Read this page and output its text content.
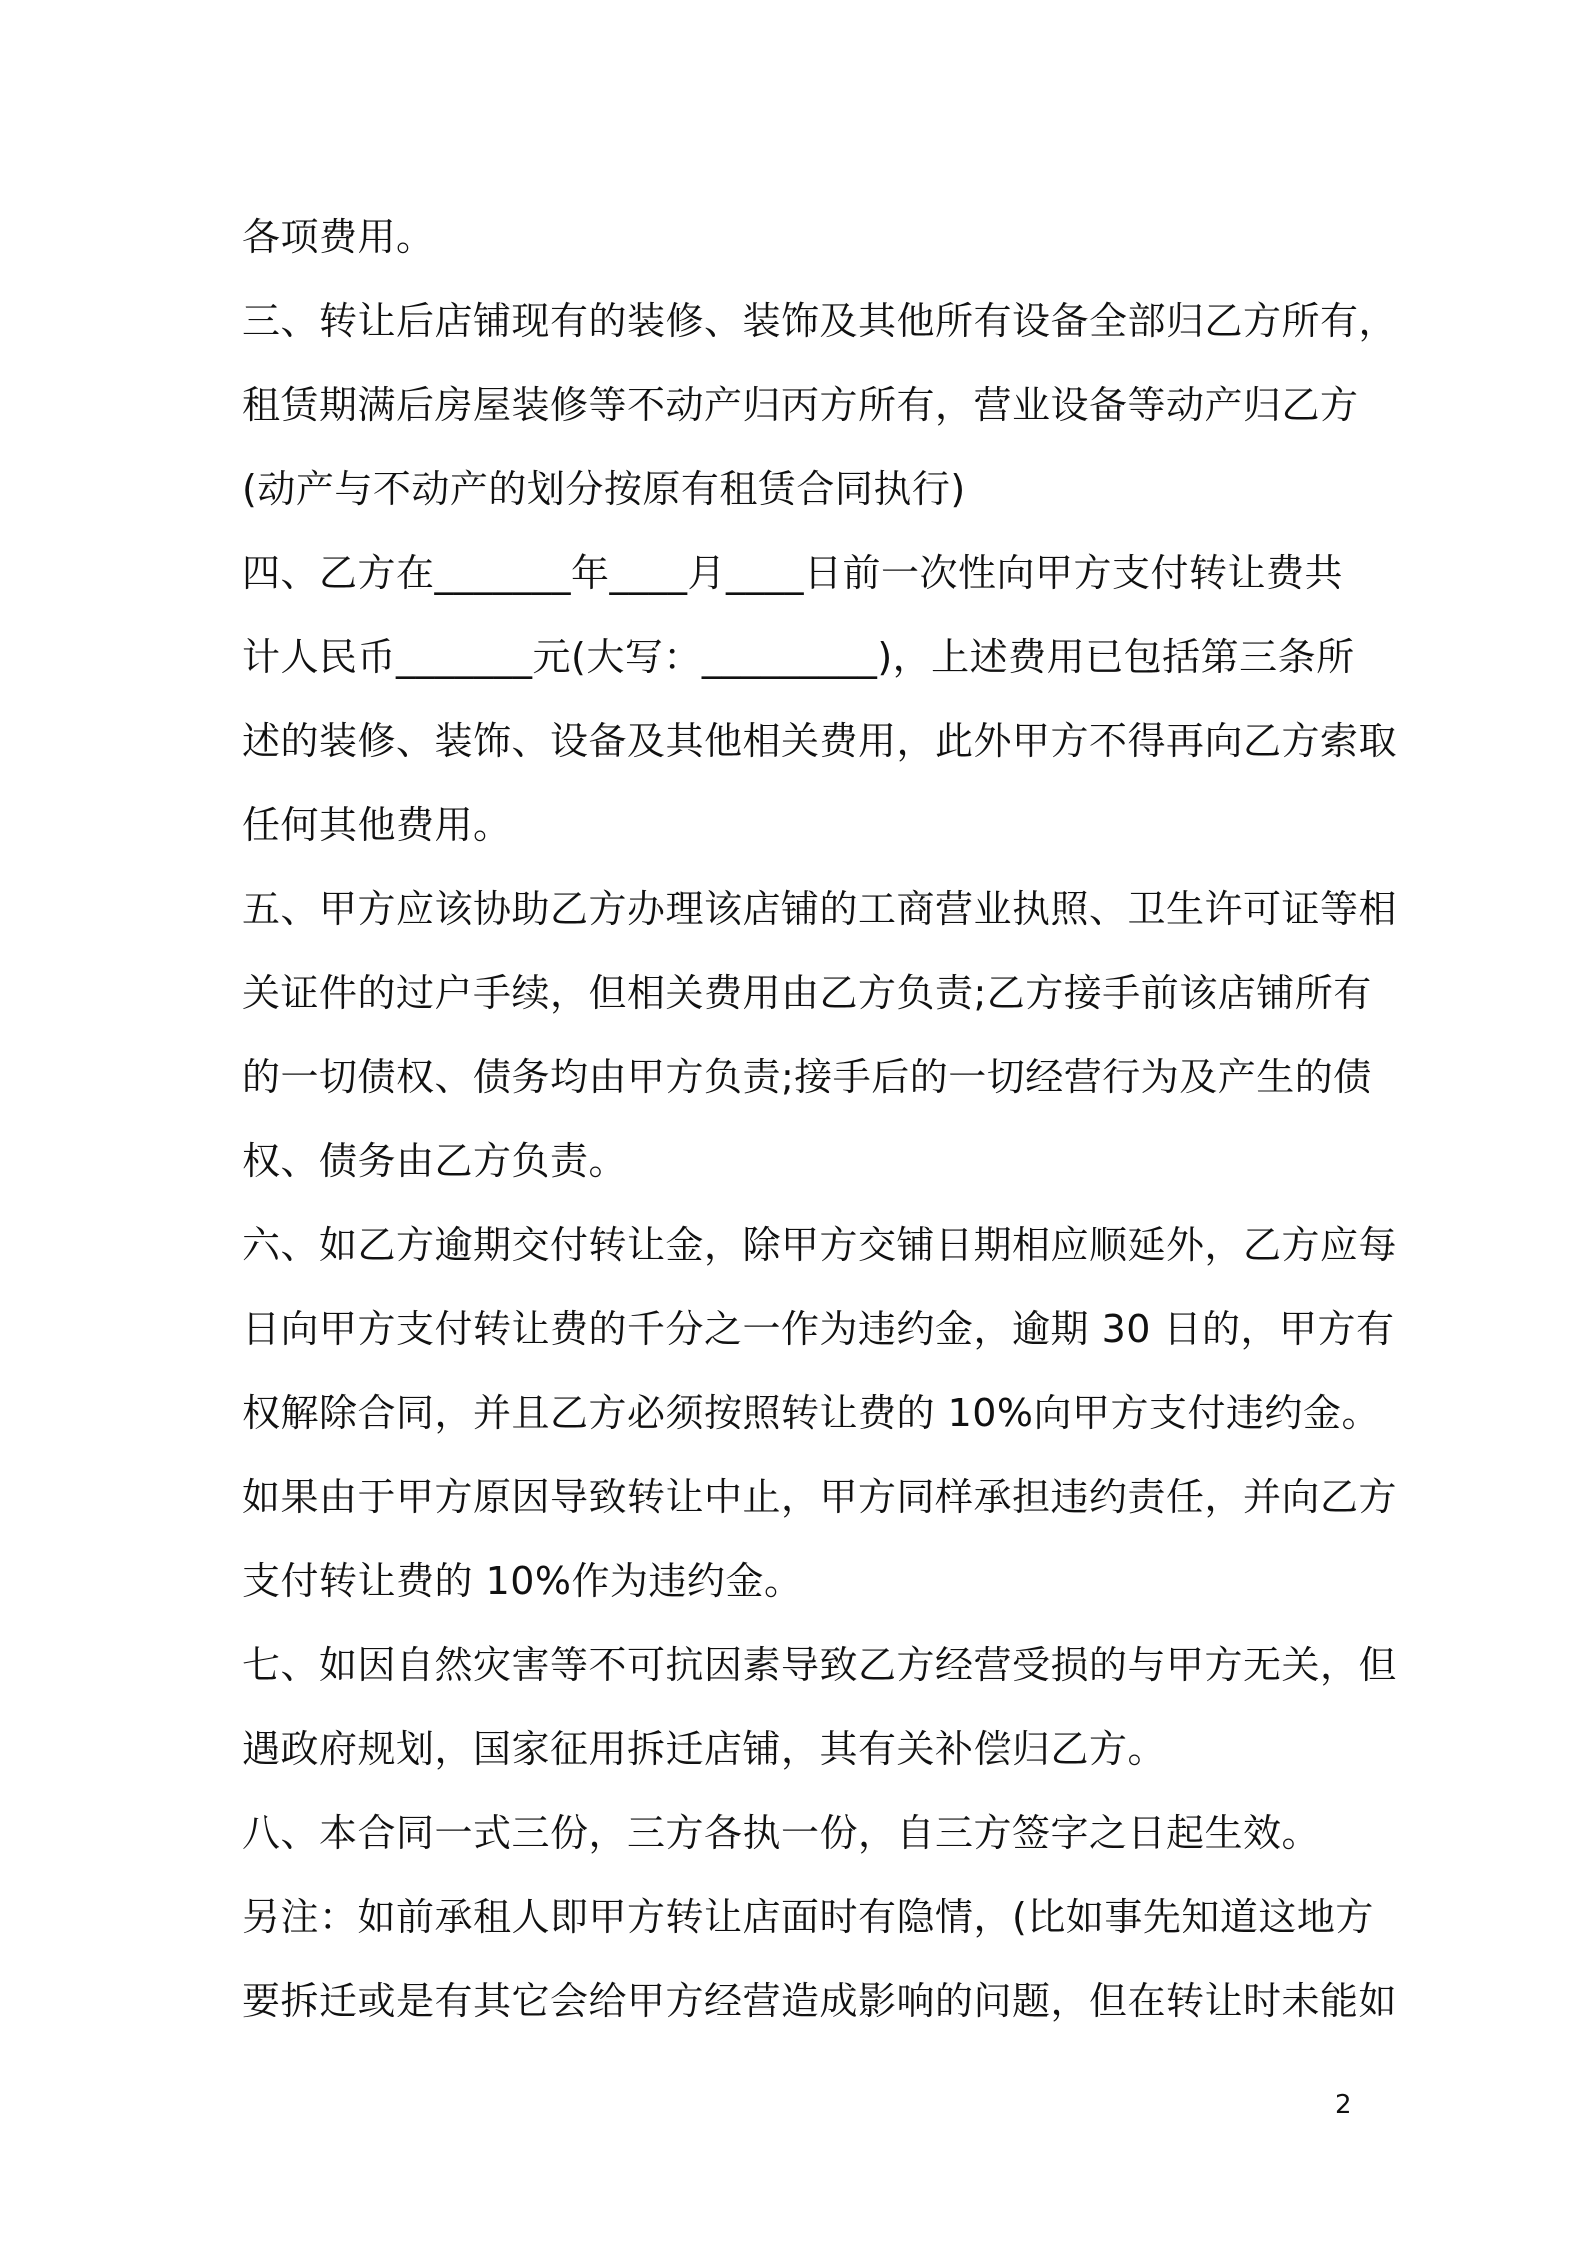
各项费用。
三、转让后店铺现有的装修、装饰及其他所有设备全部归乙方所有，
租赁期满后房屋装修等不动产归丙方所有，营业设备等动产归乙方
(动产与不动产的划分按原有租赁合同执行)
四、乙方在_______年____月____日前一次性向甲方支付转让费共
计人民币_______元(大写：_________)，上述费用已包括第三条所
述的装修、装饰、设备及其他相关费用，此外甲方不得再向乙方索取
任何其他费用。
五、甲方应该协助乙方办理该店铺的工商营业执照、卫生许可证等相
关证件的过户手续，但相关费用由乙方负责;乙方接手前该店铺所有
的一切债权、债务均由甲方负责;接手后的一切经营行为及产生的债
权、债务由乙方负责。
六、如乙方逾期交付转让金，除甲方交铺日期相应顺延外，乙方应每
日向甲方支付转让费的千分之一作为违约金，逾期 30 日的，甲方有
权解除合同，并且乙方必须按照转让费的 10%向甲方支付违约金。
如果由于甲方原因导致转让中止，甲方同样承担违约责任，并向乙方
支付转让费的 10%作为违约金。
七、如因自然灾害等不可抗因素导致乙方经营受损的与甲方无关，但
遇政府规划，国家征用拆迁店铺，其有关补偿归乙方。
八、本合同一式三份，三方各执一份，自三方签字之日起生效。
另注：如前承租人即甲方转让店面时有隐情，(比如事先知道这地方
要拆迁或是有其它会给甲方经营造成影响的问题，但在转让时未能如
2
